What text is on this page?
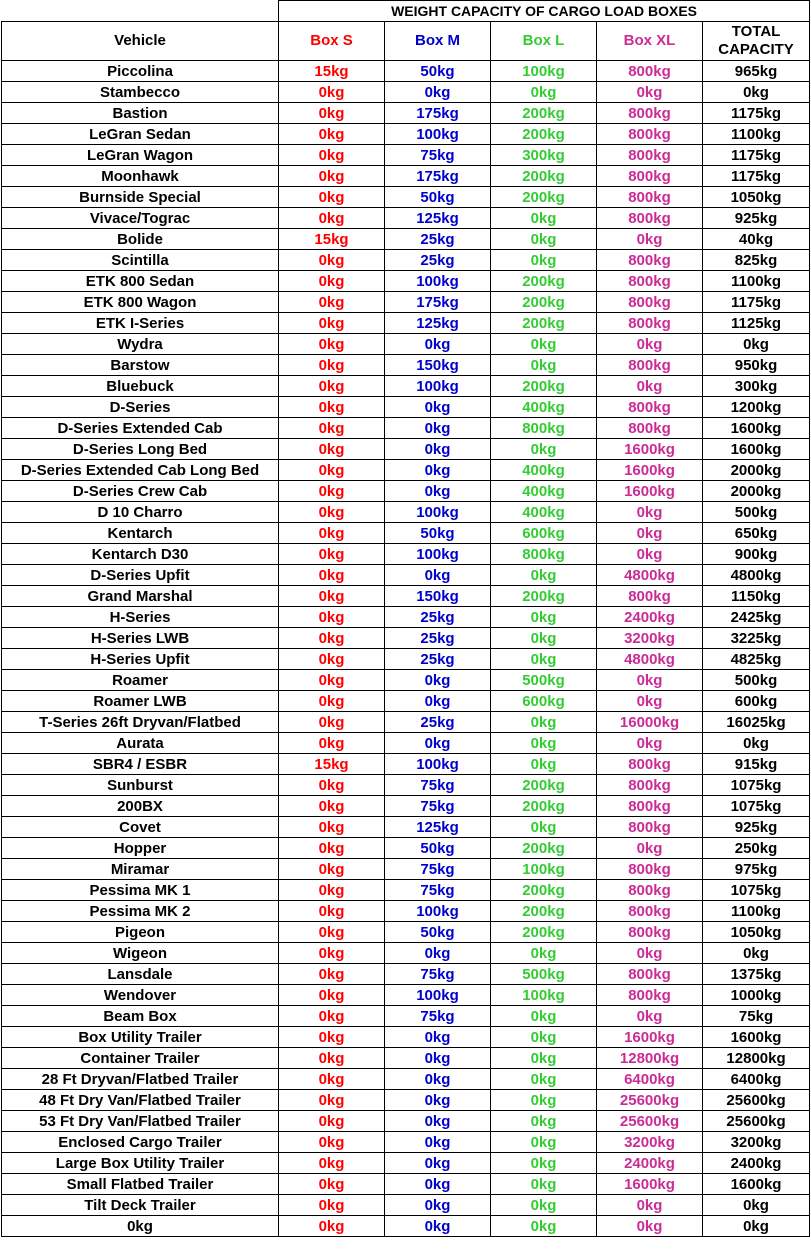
	WEIGHT CAPACITY OF CARGO LOAD BOXES				
Vehicle	Box S	Box M	Box L	Box XL	TOTAL CAPACITY
Piccolina	15kg	50kg	100kg	800kg	965kg
Stambecco	0kg	0kg	0kg	0kg	0kg
Bastion	0kg	175kg	200kg	800kg	1175kg
LeGran Sedan	0kg	100kg	200kg	800kg	1100kg
LeGran Wagon	0kg	75kg	300kg	800kg	1175kg
Moonhawk	0kg	175kg	200kg	800kg	1175kg
Burnside Special	0kg	50kg	200kg	800kg	1050kg
Vivace/Tograc	0kg	125kg	0kg	800kg	925kg
Bolide	15kg	25kg	0kg	0kg	40kg
Scintilla	0kg	25kg	0kg	800kg	825kg
ETK 800 Sedan	0kg	100kg	200kg	800kg	1100kg
ETK 800 Wagon	0kg	175kg	200kg	800kg	1175kg
ETK I-Series	0kg	125kg	200kg	800kg	1125kg
Wydra	0kg	0kg	0kg	0kg	0kg
Barstow	0kg	150kg	0kg	800kg	950kg
Bluebuck	0kg	100kg	200kg	0kg	300kg
D-Series	0kg	0kg	400kg	800kg	1200kg
D-Series Extended Cab	0kg	0kg	800kg	800kg	1600kg
D-Series Long Bed	0kg	0kg	0kg	1600kg	1600kg
D-Series Extended Cab Long Bed	0kg	0kg	400kg	1600kg	2000kg
D-Series Crew Cab	0kg	0kg	400kg	1600kg	2000kg
D 10 Charro	0kg	100kg	400kg	0kg	500kg
Kentarch	0kg	50kg	600kg	0kg	650kg
Kentarch D30	0kg	100kg	800kg	0kg	900kg
D-Series Upfit	0kg	0kg	0kg	4800kg	4800kg
Grand Marshal	0kg	150kg	200kg	800kg	1150kg
H-Series	0kg	25kg	0kg	2400kg	2425kg
H-Series LWB	0kg	25kg	0kg	3200kg	3225kg
H-Series Upfit	0kg	25kg	0kg	4800kg	4825kg
Roamer	0kg	0kg	500kg	0kg	500kg
Roamer LWB	0kg	0kg	600kg	0kg	600kg
T-Series 26ft Dryvan/Flatbed	0kg	25kg	0kg	16000kg	16025kg
Aurata	0kg	0kg	0kg	0kg	0kg
SBR4 / ESBR	15kg	100kg	0kg	800kg	915kg
Sunburst	0kg	75kg	200kg	800kg	1075kg
200BX	0kg	75kg	200kg	800kg	1075kg
Covet	0kg	125kg	0kg	800kg	925kg
Hopper	0kg	50kg	200kg	0kg	250kg
Miramar	0kg	75kg	100kg	800kg	975kg
Pessima MK 1	0kg	75kg	200kg	800kg	1075kg
Pessima MK 2	0kg	100kg	200kg	800kg	1100kg
Pigeon	0kg	50kg	200kg	800kg	1050kg
Wigeon	0kg	0kg	0kg	0kg	0kg
Lansdale	0kg	75kg	500kg	800kg	1375kg
Wendover	0kg	100kg	100kg	800kg	1000kg
Beam Box	0kg	75kg	0kg	0kg	75kg
Box Utility Trailer	0kg	0kg	0kg	1600kg	1600kg
Container Trailer	0kg	0kg	0kg	12800kg	12800kg
28 Ft Dryvan/Flatbed Trailer	0kg	0kg	0kg	6400kg	6400kg
48 Ft Dry Van/Flatbed Trailer	0kg	0kg	0kg	25600kg	25600kg
53 Ft Dry Van/Flatbed Trailer	0kg	0kg	0kg	25600kg	25600kg
Enclosed Cargo Trailer	0kg	0kg	0kg	3200kg	3200kg
Large Box Utility Trailer	0kg	0kg	0kg	2400kg	2400kg
Small Flatbed Trailer	0kg	0kg	0kg	1600kg	1600kg
Tilt Deck Trailer	0kg	0kg	0kg	0kg	0kg
0kg	0kg	0kg	0kg	0kg	0kg
